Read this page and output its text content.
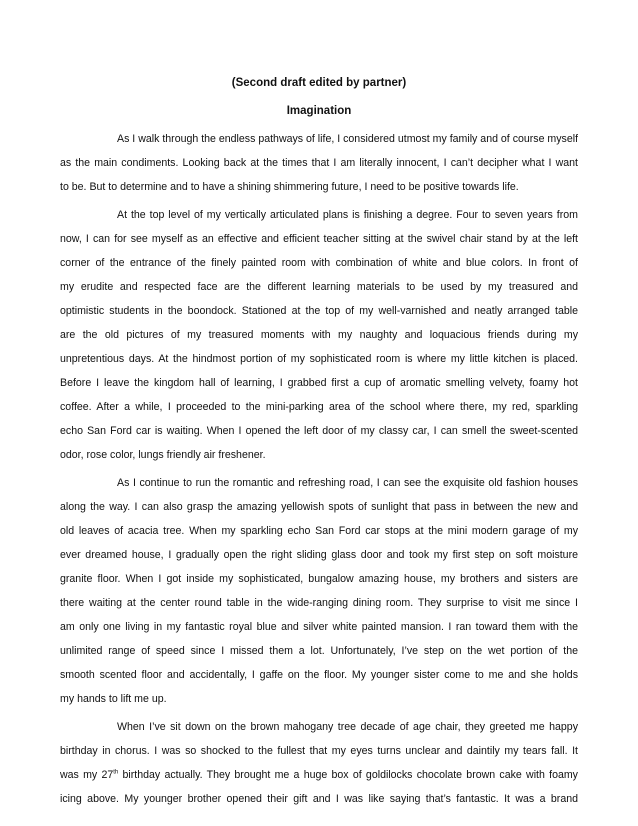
(Second draft edited by partner)
Imagination
As I walk through the endless pathways of life, I considered utmost my family and of course myself
as the main condiments. Looking back at the times that I am literally innocent, I can’t decipher what I want
to be. But to determine and to have a shining shimmering future, I need to be positive towards life.
At the top level of my vertically articulated plans is finishing a degree. Four to seven years from
now, I can for see myself as an effective and efficient teacher sitting at the swivel chair stand by at the left
corner of the entrance of the finely painted room with combination of white and blue colors. In front of
my erudite and respected face are the different learning materials to be used by my treasured and
optimistic students in the boondock. Stationed at the top of my well-varnished and neatly arranged table
are the old pictures of my treasured moments with my naughty and loquacious friends during my
unpretentious days. At the hindmost portion of my sophisticated room is where my little kitchen is placed.
Before I leave the kingdom hall of learning, I grabbed first a cup of aromatic smelling velvety, foamy hot
coffee. After a while, I proceeded to the mini-parking area of the school where there, my red, sparkling
echo San Ford car is waiting. When I opened the left door of my classy car, I can smell the sweet-scented
odor, rose color, lungs friendly air freshener.
As I continue to run the romantic and refreshing road, I can see the exquisite old fashion houses
along the way. I can also grasp the amazing yellowish spots of sunlight that pass in between the new and
old leaves of acacia tree. When my sparkling echo San Ford car stops at the mini modern garage of my
ever dreamed house, I gradually open the right sliding glass door and took my first step on soft moisture
granite floor. When I got inside my sophisticated, bungalow amazing house, my brothers and sisters are
there waiting at the center round table in the wide-ranging dining room. They surprise to visit me since I
am only one living in my fantastic royal blue and silver white painted mansion. I ran toward them with the
unlimited range of speed since I missed them a lot. Unfortunately, I’ve step on the wet portion of the
smooth scented floor and accidentally, I gaffe on the floor. My younger sister come to me and she holds
my hands to lift me up.
When I’ve sit down on the brown mahogany tree decade of age chair, they greeted me happy
birthday in chorus. I was so shocked to the fullest that my eyes turns unclear and daintily my tears fall. It
was my 27th birthday actually. They brought me a huge box of goldilocks chocolate brown cake with foamy
icing above. My younger brother opened their gift and I was like saying that’s fantastic. It was a brand
